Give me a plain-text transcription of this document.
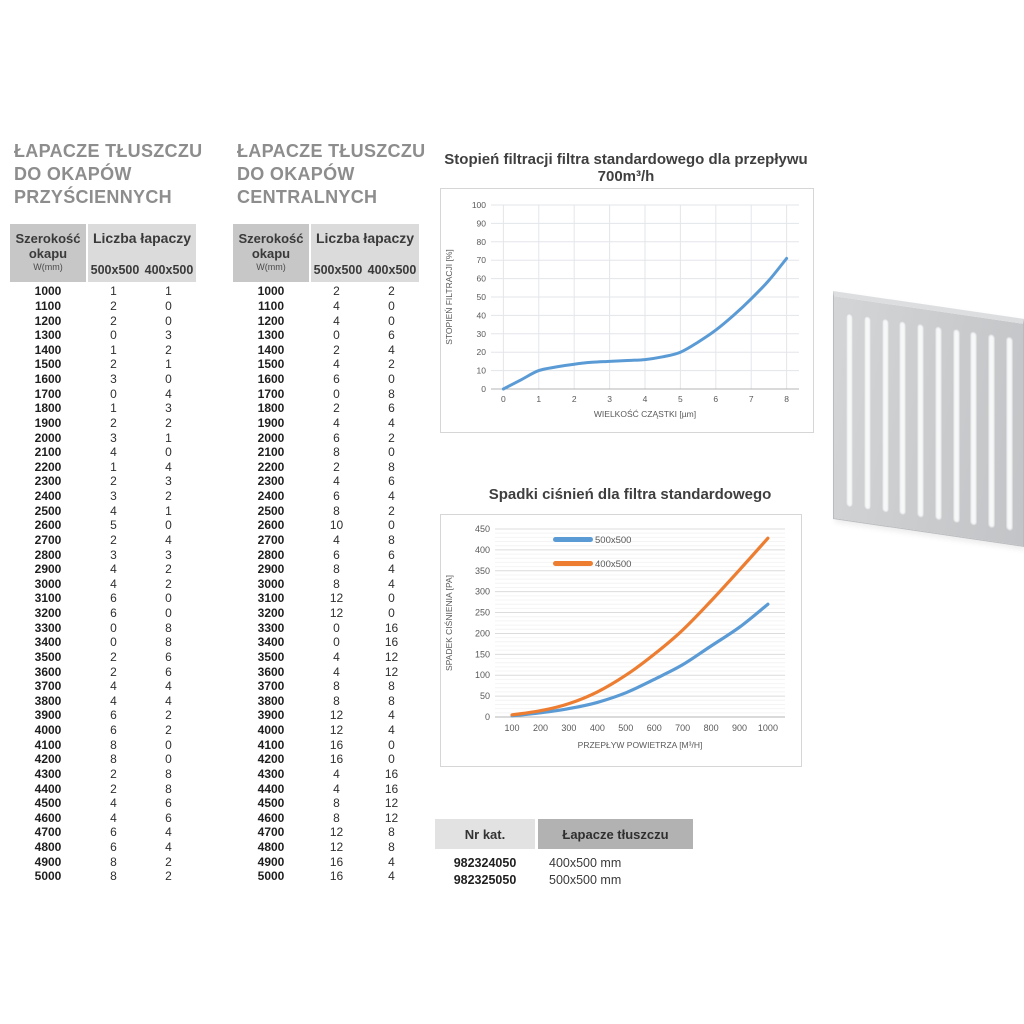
ŁAPACZE TŁUSZCZU
DO OKAPÓW
PRZYŚCIENNYCH
ŁAPACZE TŁUSZCZU
DO OKAPÓW
CENTRALNYCH
Szerokość
okapu
W(mm)
Liczba łapaczy
500x500 400x500
1000	1	1
1100	2	0
1200	2	0
1300	0	3
1400	1	2
1500	2	1
1600	3	0
1700	0	4
1800	1	3
1900	2	2
2000	3	1
2100	4	0
2200	1	4
2300	2	3
2400	3	2
2500	4	1
2600	5	0
2700	2	4
2800	3	3
2900	4	2
3000	4	2
3100	6	0
3200	6	0
3300	0	8
3400	0	8
3500	2	6
3600	2	6
3700	4	4
3800	4	4
3900	6	2
4000	6	2
4100	8	0
4200	8	0
4300	2	8
4400	2	8
4500	4	6
4600	4	6
4700	6	4
4800	6	4
4900	8	2
5000	8	2
Szerokość
okapu
W(mm)
Liczba łapaczy
500x500 400x500
1000	2	2
1100	4	0
1200	4	0
1300	0	6
1400	2	4
1500	4	2
1600	6	0
1700	0	8
1800	2	6
1900	4	4
2000	6	2
2100	8	0
2200	2	8
2300	4	6
2400	6	4
2500	8	2
2600	10	0
2700	4	8
2800	6	6
2900	8	4
3000	8	4
3100	12	0
3200	12	0
3300	0	16
3400	0	16
3500	4	12
3600	4	12
3700	8	8
3800	8	8
3900	12	4
4000	12	4
4100	16	0
4200	16	0
4300	4	16
4400	4	16
4500	8	12
4600	8	12
4700	12	8
4800	12	8
4900	16	4
5000	16	4
Stopień filtracji filtra standardowego dla przepływu 700m³/h
0
10
20
30
40
50
60
70
80
90
100
0	1	2	3	4	5	6	7	8
STOPIEŃ FILTRACJI [%]
WIELKOŚĆ CZĄSTKI [µm]
Spadki ciśnień dla filtra standardowego
0
50
100
150
200
250
300
350
400
450
100 200 300 400 500 600 700 800 900 1000
500x500
400x500
SPADEK CIŚNIENIA [PA]
PRZEPŁYW POWIETRZA [M³/H]
Nr kat.	Łapacze tłuszczu
982324050	400x500 mm
982325050	500x500 mm
